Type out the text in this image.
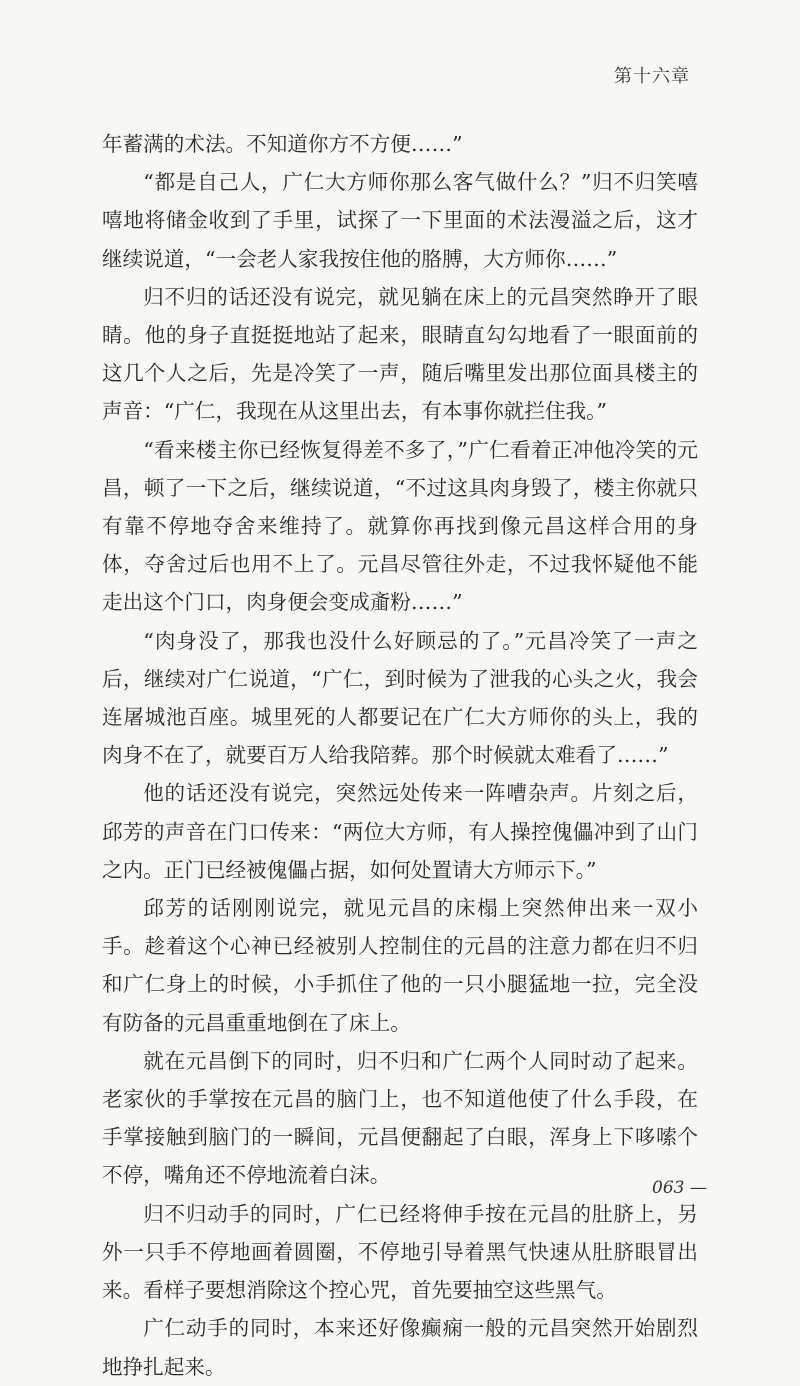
第十六章

年蓄满的术法。不知道你方不方便……”

“都是自己人，广仁大方师你那么客气做什么？”归不归笑嘻嘻地将储金收到了手里，试探了一下里面的术法漫溢之后，这才继续说道，“一会老人家我按住他的胳膊，大方师你……”

归不归的话还没有说完，就见躺在床上的元昌突然睁开了眼睛。他的身子直挺挺地站了起来，眼睛直勾勾地看了一眼面前的这几个人之后，先是冷笑了一声，随后嘴里发出那位面具楼主的声音：“广仁，我现在从这里出去，有本事你就拦住我。”

“看来楼主你已经恢复得差不多了，”广仁看着正冲他冷笑的元昌，顿了一下之后，继续说道，“不过这具肉身毁了，楼主你就只有靠不停地夺舍来维持了。就算你再找到像元昌这样合用的身体，夺舍过后也用不上了。元昌尽管往外走，不过我怀疑他不能走出这个门口，肉身便会变成齑粉……”

“肉身没了，那我也没什么好顾忌的了。”元昌冷笑了一声之后，继续对广仁说道，“广仁，到时候为了泄我的心头之火，我会连屠城池百座。城里死的人都要记在广仁大方师你的头上，我的肉身不在了，就要百万人给我陪葬。那个时候就太难看了……”

他的话还没有说完，突然远处传来一阵嘈杂声。片刻之后，邱芳的声音在门口传来：“两位大方师，有人操控傀儡冲到了山门之内。正门已经被傀儡占据，如何处置请大方师示下。”

邱芳的话刚刚说完，就见元昌的床榻上突然伸出来一双小手。趁着这个心神已经被别人控制住的元昌的注意力都在归不归和广仁身上的时候，小手抓住了他的一只小腿猛地一拉，完全没有防备的元昌重重地倒在了床上。

就在元昌倒下的同时，归不归和广仁两个人同时动了起来。老家伙的手掌按在元昌的脑门上，也不知道他使了什么手段，在手掌接触到脑门的一瞬间，元昌便翻起了白眼，浑身上下哆嗦个不停，嘴角还不停地流着白沫。

归不归动手的同时，广仁已经将伸手按在元昌的肚脐上，另外一只手不停地画着圆圈，不停地引导着黑气快速从肚脐眼冒出来。看样子要想消除这个控心咒，首先要抽空这些黑气。

广仁动手的同时，本来还好像癫痫一般的元昌突然开始剧烈地挣扎起来。

063 —
